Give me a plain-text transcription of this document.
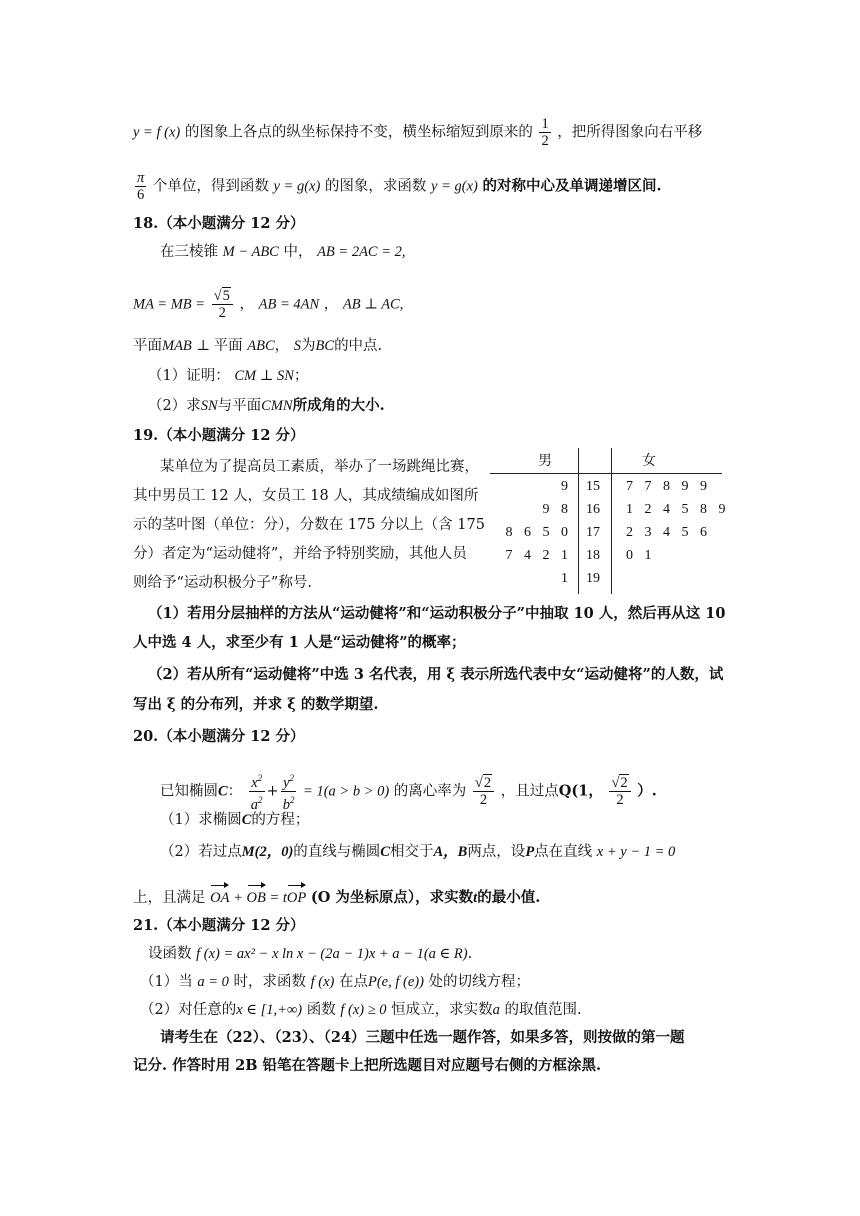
y = f (x) 的图象上各点的纵坐标保持不变，横坐标缩短到原来的 $\frac{1}{2}$ ，把所得图象向右平移
$\frac{\pi}{6}$ 个单位，得到函数 y = g(x) 的图象，求函数 y = g(x) 的对称中心及单调递增区间.
18.（本小题满分 12 分）
在三棱锥 M − ABC 中， AB = 2AC = 2,
MA = MB = $\frac{√5}{2}$ ， AB = 4AN ， AB ⊥ AC,
平面MAB ⊥ 平面 ABC， S为BC的中点.
（1）证明： CM ⊥ SN；
（2）求SN与平面CMN所成角的大小.
19.（本小题满分 12 分）
某单位为了提高员工素质，举办了一场跳绳比赛，
其中男员工 12 人，女员工 18 人，其成绩编成如图所
示的茎叶图（单位：分），分数在 175 分以上（含 175
分）者定为“运动健将”，并给予特别奖励，其他人员
则给予“运动积极分子”称号.
男	女
9 15 7 7 8 9 9
9 8 16 1 2 4 5 8 9
8 6 5 0 17 2 3 4 5 6
7 4 2 1 18 0 1
1 19
（1）若用分层抽样的方法从“运动健将”和“运动积极分子”中抽取 10 人，然后再从这 10
人中选 4 人，求至少有 1 人是“运动健将”的概率；
（2）若从所有“运动健将”中选 3 名代表，用 ξ 表示所选代表中女“运动健将”的人数，试
写出 ξ 的分布列，并求 ξ 的数学期望.
20.（本小题满分 12 分）
已知椭圆C： $\frac{x^2}{a^2} + \frac{y^2}{b^2} = 1(a > b > 0)$ 的离心率为 $\frac{√2}{2}$ ，且过点Q(1， $\frac{√2}{2}$ ）.
（1）求椭圆C的方程；
（2）若过点M(2，0)的直线与椭圆C相交于A，B两点，设P点在直线 x + y − 1 = 0
上，且满足 OA + OB = tOP (O 为坐标原点），求实数t的最小值.
21.（本小题满分 12 分）
设函数 f (x) = ax² − x ln x − (2a − 1)x + a − 1(a ∈ R).
（1）当 a = 0 时，求函数 f (x) 在点P(e, f (e)) 处的切线方程；
（2）对任意的x ∈ [1,+∞) 函数 f (x) ≥ 0 恒成立，求实数a 的取值范围.
请考生在（22）、（23）、（24）三题中任选一题作答，如果多答，则按做的第一题
记分. 作答时用 2B 铅笔在答题卡上把所选题目对应题号右侧的方框涂黑.
